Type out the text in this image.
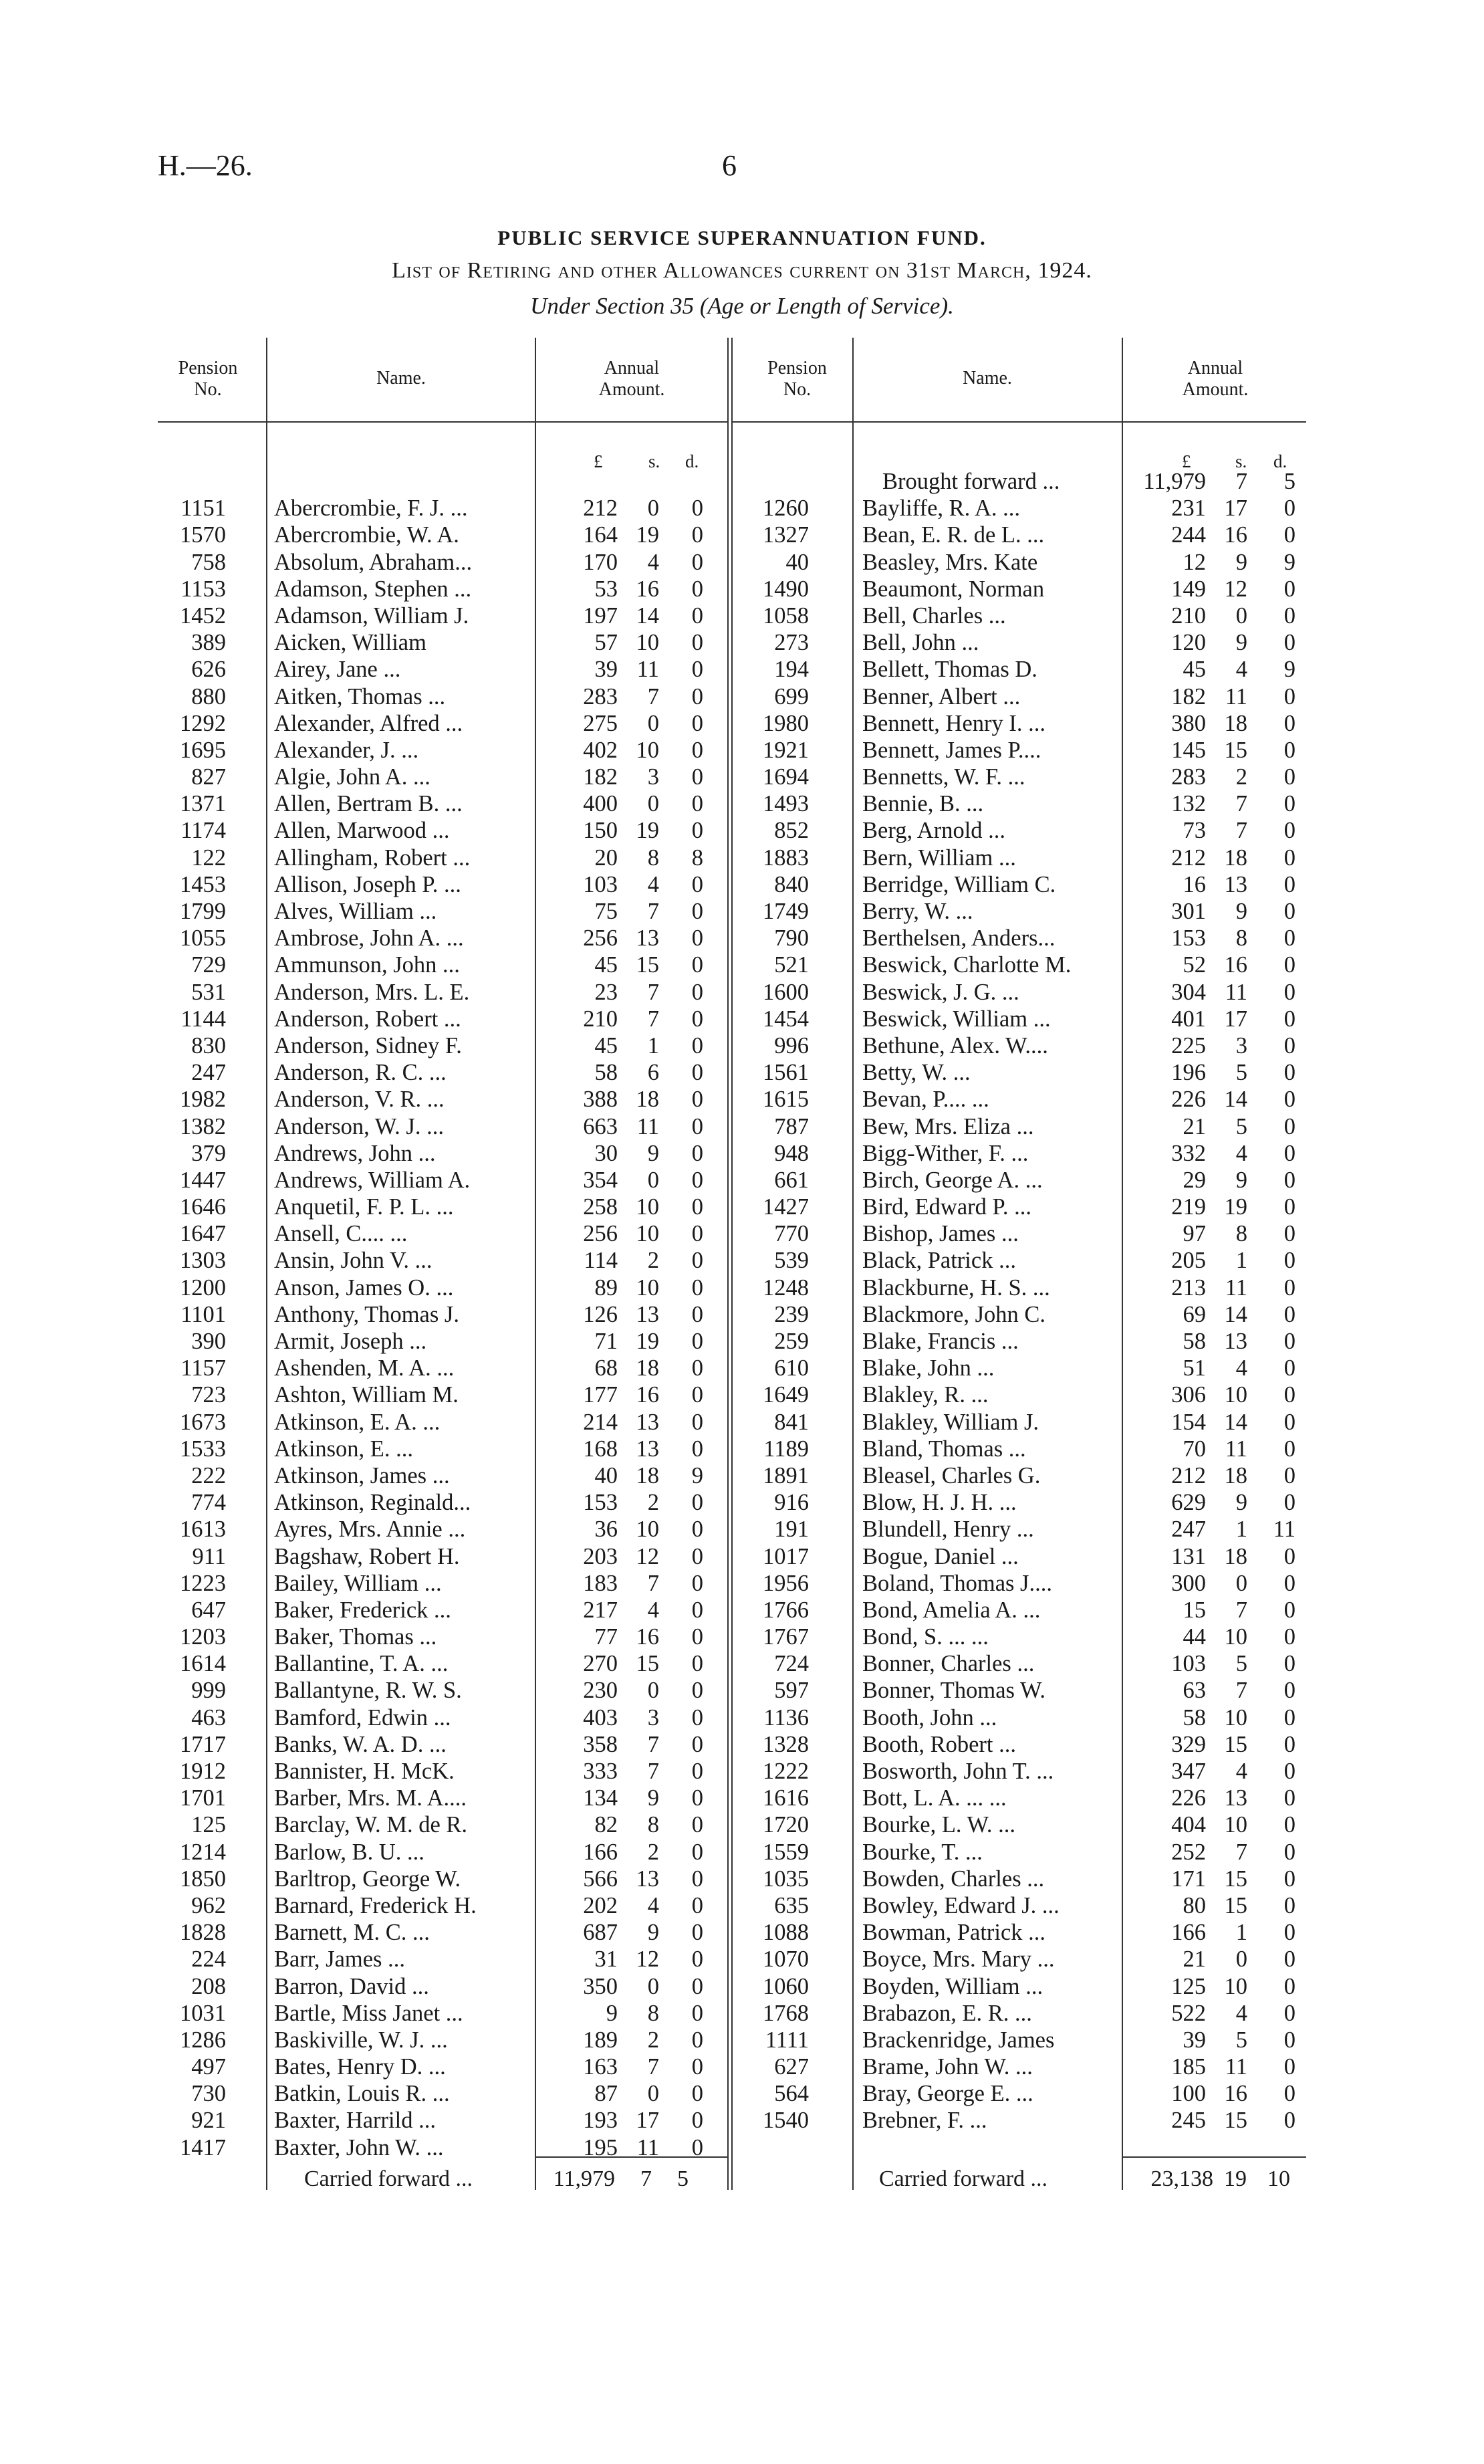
H.—26.	6
PUBLIC SERVICE SUPERANNUATION FUND.
List of Retiring and other Allowances current on 31st March, 1924.
Under Section 35 (Age or Length of Service).
Pension
No.
Name.	Annual
Amount.
Pension
No.
Name.	Annual
Amount.
£	s. d.	£ s. d.
1151 Abercrombie, F. J. ...	212	0	0
1570 Abercrombie, W. A.	164 19	0
758 Absolum, Abraham...	170	4	0
1153 Adamson, Stephen ...	53 16	0
1452 Adamson, William J.	197 14	0
389 Aicken, William	57 10	0
626 Airey, Jane ...	39 11	0
880 Aitken, Thomas ...	283	7	0
1292 Alexander, Alfred ...	275	0	0
1695 Alexander, J. ...	402 10	0
827 Algie, John A. ...	182	3	0
1371 Allen, Bertram B. ...	400	0	0
1174 Allen, Marwood ...	150 19	0
122 Allingham, Robert ...	20	8	8
1453 Allison, Joseph P. ...	103	4	0
1799 Alves, William ...	75	7	0
1055 Ambrose, John A. ...	256 13	0
729 Ammunson, John ...	45 15	0
531 Anderson, Mrs. L. E.	23	7	0
1144 Anderson, Robert ...	210	7	0
830 Anderson, Sidney F.	45	1	0
247 Anderson, R. C. ...	58	6	0
1982 Anderson, V. R. ...	388 18	0
1382 Anderson, W. J. ...	663 11	0
379 Andrews, John ...	30	9	0
1447 Andrews, William A.	354	0	0
1646 Anquetil, F. P. L. ...	258 10	0
1647 Ansell, C.... ...	256 10	0
1303 Ansin, John V. ...	114	2	0
1200 Anson, James O. ...	89 10	0
1101 Anthony, Thomas J.	126 13	0
390 Armit, Joseph ...	71 19	0
1157 Ashenden, M. A. ...	68 18	0
723 Ashton, William M.	177 16	0
1673 Atkinson, E. A. ...	214 13	0
1533 Atkinson, E. ...	168 13	0
222 Atkinson, James ...	40 18	9
774 Atkinson, Reginald...	153	2	0
1613 Ayres, Mrs. Annie ...	36 10	0
911 Bagshaw, Robert H.	203 12	0
1223 Bailey, William ...	183	7	0
647 Baker, Frederick ...	217	4	0
1203 Baker, Thomas ...	77 16	0
1614 Ballantine, T. A. ...	270 15	0
999 Ballantyne, R. W. S.	230	0	0
463 Bamford, Edwin ...	403	3	0
1717 Banks, W. A. D. ...	358	7	0
1912 Bannister, H. McK.	333	7	0
1701 Barber, Mrs. M. A....	134	9	0
125 Barclay, W. M. de R.	82	8	0
1214 Barlow, B. U. ...	166	2	0
1850 Barltrop, George W.	566 13	0
962 Barnard, Frederick H.	202	4	0
1828 Barnett, M. C. ...	687	9	0
224 Barr, James ...	31 12	0
208 Barron, David ...	350	0	0
1031 Bartle, Miss Janet ...	9	8	0
1286 Baskiville, W. J. ...	189	2	0
497 Bates, Henry D. ...	163	7	0
730 Batkin, Louis R. ...	87	0	0
921 Baxter, Harrild ...	193 17	0
1417 Baxter, John W. ...	195 11	0
Brought forward ...	11,979	7	5
1260 Bayliffe, R. A. ...	231 17	0
1327 Bean, E. R. de L. ...	244 16	0
40 Beasley, Mrs. Kate	12	9	9
1490 Beaumont, Norman	149 12	0
1058 Bell, Charles ...	210	0	0
273 Bell, John ...	120	9	0
194 Bellett, Thomas D.	45	4	9
699 Benner, Albert ...	182 11	0
1980 Bennett, Henry I. ...	380 18	0
1921 Bennett, James P....	145 15	0
1694 Bennetts, W. F. ...	283	2	0
1493 Bennie, B. ...	132	7	0
852 Berg, Arnold ...	73	7	0
1883 Bern, William ...	212 18	0
840 Berridge, William C.	16 13	0
1749 Berry, W. ...	301	9	0
790 Berthelsen, Anders...	153	8	0
521 Beswick, Charlotte M.	52 16	0
1600 Beswick, J. G. ...	304 11	0
1454 Beswick, William ...	401 17	0
996 Bethune, Alex. W....	225	3	0
1561 Betty, W. ...	196	5	0
1615 Bevan, P.... ...	226 14	0
787 Bew, Mrs. Eliza ...	21	5	0
948 Bigg-Wither, F. ...	332	4	0
661 Birch, George A. ...	29	9	0
1427 Bird, Edward P. ...	219 19	0
770 Bishop, James ...	97	8	0
539 Black, Patrick ...	205	1	0
1248 Blackburne, H. S. ...	213 11	0
239 Blackmore, John C.	69 14	0
259 Blake, Francis ...	58 13	0
610 Blake, John ...	51	4	0
1649 Blakley, R. ...	306 10	0
841 Blakley, William J.	154 14	0
1189 Bland, Thomas ...	70 11	0
1891 Bleasel, Charles G.	212 18	0
916 Blow, H. J. H. ...	629	9	0
191 Blundell, Henry ...	247	1	11
1017 Bogue, Daniel ...	131 18	0
1956 Boland, Thomas J....	300	0	0
1766 Bond, Amelia A. ...	15	7	0
1767 Bond, S. ... ...	44 10	0
724 Bonner, Charles ...	103	5	0
597 Bonner, Thomas W.	63	7	0
1136 Booth, John ...	58 10	0
1328 Booth, Robert ...	329 15	0
1222 Bosworth, John T. ...	347	4	0
1616 Bott, L. A. ... ...	226 13	0
1720 Bourke, L. W. ...	404 10	0
1559 Bourke, T. ...	252	7	0
1035 Bowden, Charles ...	171 15	0
635 Bowley, Edward J. ...	80 15	0
1088 Bowman, Patrick ...	166	1	0
1070 Boyce, Mrs. Mary ...	21	0	0
1060 Boyden, William ...	125 10	0
1768 Brabazon, E. R. ...	522	4	0
1111 Brackenridge, James	39	5	0
627 Brame, John W. ...	185 11	0
564 Bray, George E. ...	100 16	0
1540 Brebner, F. ...	245 15	0
Carried forward ...	11,979	7	5	Carried forward ...	23,138 19 10
